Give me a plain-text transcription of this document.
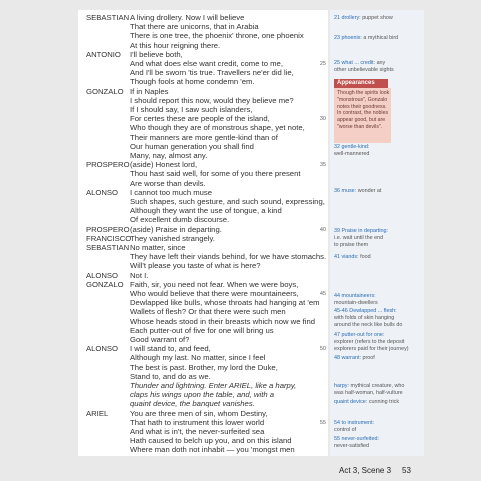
SEBASTIAN A living drollery. Now I will believe
That there are unicorns, that in Arabia
There is one tree, the phoenix' throne, one phoenix
At this hour reigning there.
ANTONIO I'll believe both,
And what does else want credit, come to me,
And I'll be sworn 'tis true. Travellers ne'er did lie,
Though fools at home condemn 'em.
GONZALO If in Naples
I should report this now, would they believe me?
If I should say, I saw such islanders,
For certes these are people of the island,
Who though they are of monstrous shape, yet note,
Their manners are more gentle-kind than of
Our human generation you shall find
Many, nay, almost any.
PROSPERO (aside) Honest lord,
Thou hast said well, for some of you there present
Are worse than devils.
ALONSO I cannot too much muse
Such shapes, such gesture, and such sound, expressing,
Although they want the use of tongue, a kind
Of excellent dumb discourse.
PROSPERO (aside) Praise in departing.
FRANCISCO
They vanished strangely.
SEBASTIAN No matter, since
They have left their viands behind, for we have stomachs.
Will't please you taste of what is here?
ALONSO Not I.
GONZALO Faith, sir, you need not fear. When we were boys,
Who would believe that there were mountaineers,
Dewlapped like bulls, whose throats had hanging at 'em
Wallets of flesh? Or that there were such men
Whose heads stood in their breasts which now we find
Each putter-out of five for one will bring us
Good warrant of?
ALONSO I will stand to, and feed,
Although my last. No matter, since I feel
The best is past. Brother, my lord the Duke,
Stand to, and do as we.
Thunder and lightning. Enter ARIEL, like a harpy,
claps his wings upon the table, and, with a
quaint device, the banquet vanishes.
ARIEL	You are three men of sin, whom Destiny,
That hath to instrument this lower world
And what is in't, the never-surfeited sea
Hath caused to belch up you, and on this island
Where man doth not inhabit — you 'mongst men
25
30
35
40
45
50
55
21 drollery: puppet show
23 phoenix: a mythical bird
25 what ... credit: any
other unbelievable sights
32 gentle-kind:
well-mannered
36 muse: wonder at
39 Praise in departing:
i.e. wait until the end
to praise them
41 viands: food
44 mountaineers:
mountain-dwellers
45-46 Dewlapped ... flesh:
with folds of skin hanging
around the neck like bulls do
47 putter-out for one:
explorer (refers to the deposit
explorers paid for their journey)
48 warrant: proof
harpy: mythical creature, who
was half-woman, half-vulture
quaint device: cunning trick
54 to instrument:
control of
55 never-surfeited:
never-satisfied
Appearances
Though the spirits look
"monstrous", Gonzalo
notes their goodness.
In contrast, the nobles
appear good, but are
"worse than devils".
Act 3, Scene 3 53
